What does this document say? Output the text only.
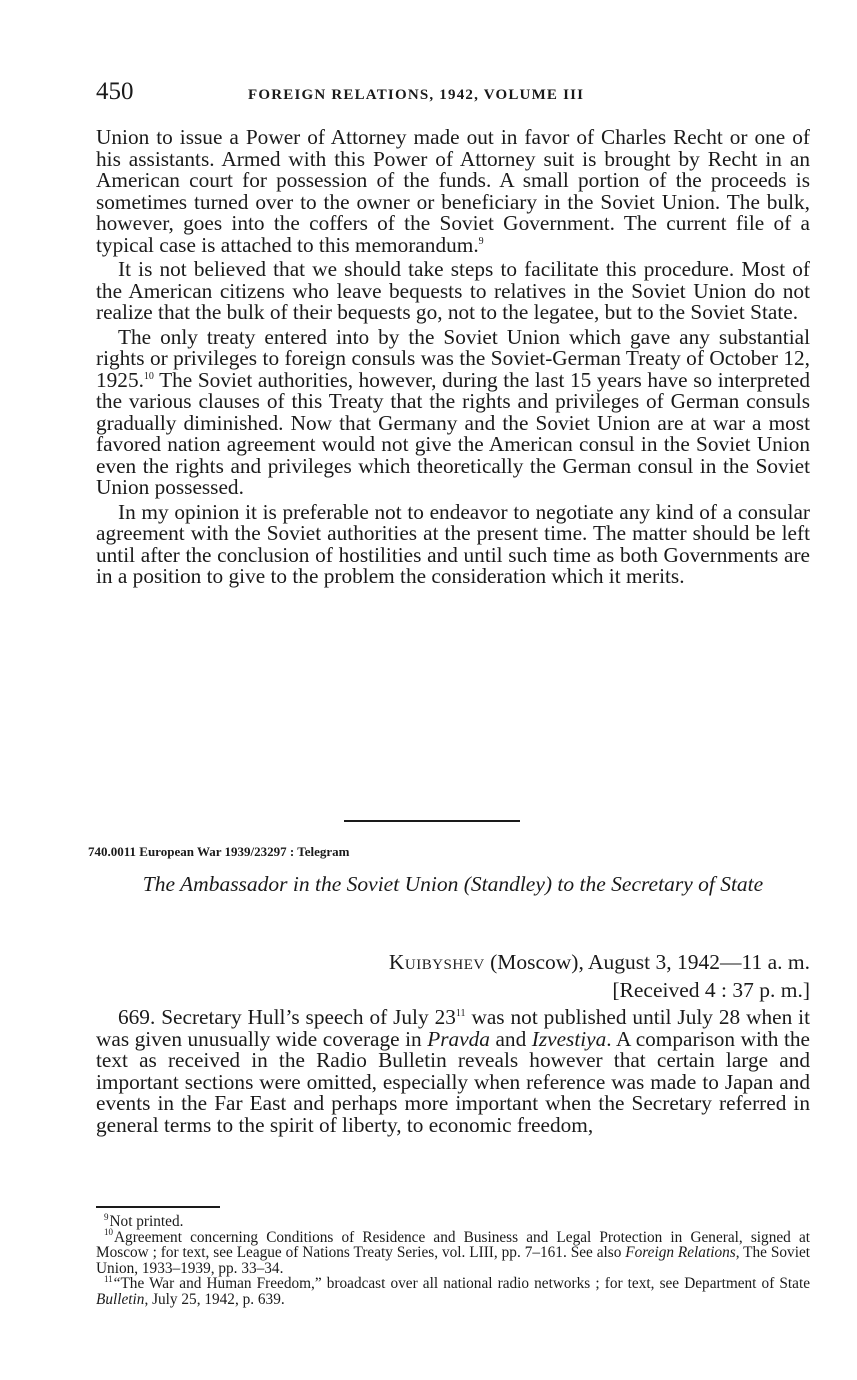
450	FOREIGN RELATIONS, 1942, VOLUME III

Union to issue a Power of Attorney made out in favor of Charles Recht or one of his assistants. Armed with this Power of Attorney suit is brought by Recht in an American court for possession of the funds. A small portion of the proceeds is sometimes turned over to the owner or beneficiary in the Soviet Union. The bulk, however, goes into the coffers of the Soviet Government. The current file of a typical case is attached to this memorandum.$^9$

It is not believed that we should take steps to facilitate this procedure. Most of the American citizens who leave bequests to relatives in the Soviet Union do not realize that the bulk of their bequests go, not to the legatee, but to the Soviet State.

The only treaty entered into by the Soviet Union which gave any substantial rights or privileges to foreign consuls was the Soviet-German Treaty of October 12, 1925.10 The Soviet authorities, however, during the last 15 years have so interpreted the various clauses of this Treaty that the rights and privileges of German consuls gradually diminished. Now that Germany and the Soviet Union are at war a most favored nation agreement would not give the American consul in the Soviet Union even the rights and privileges which theoretically the German consul in the Soviet Union possessed.

In my opinion it is preferable not to endeavor to negotiate any kind of a consular agreement with the Soviet authorities at the present time. The matter should be left until after the conclusion of hostilities and until such time as both Governments are in a position to give to the problem the consideration which it merits.

740.0011 European War 1939/23297 : Telegram
The Ambassador in the Soviet Union (Standley) to the Secretary of State
Kuibyshev (Moscow), August 3, 1942—11 a. m.
[Received 4 : 37 p. m.]

669. Secretary Hull’s speech of July $23^{11}$ was not published until July 28 when it was given unusually wide coverage in Pravda and Izvestiya. A comparison with the text as received in the Radio Bulletin reveals however that certain large and important sections were omitted, especially when reference was made to Japan and events in the Far East and perhaps more important when the Secretary referred in general terms to the spirit of liberty, to economic freedom,

$^9$Not printed.

$^{10}$Agreement concerning Conditions of Residence and Business and Legal Protection in General, signed at Moscow ; for text, see League of Nations Treaty Series, vol. LIII, pp. 7–161. See also Foreign Relations, The Soviet Union, 1933–1939, pp. 33–34.

$^{11}$“The War and Human Freedom,” broadcast over all national radio networks ; for text, see Department of State Bulletin, July 25, 1942, p. 639.
